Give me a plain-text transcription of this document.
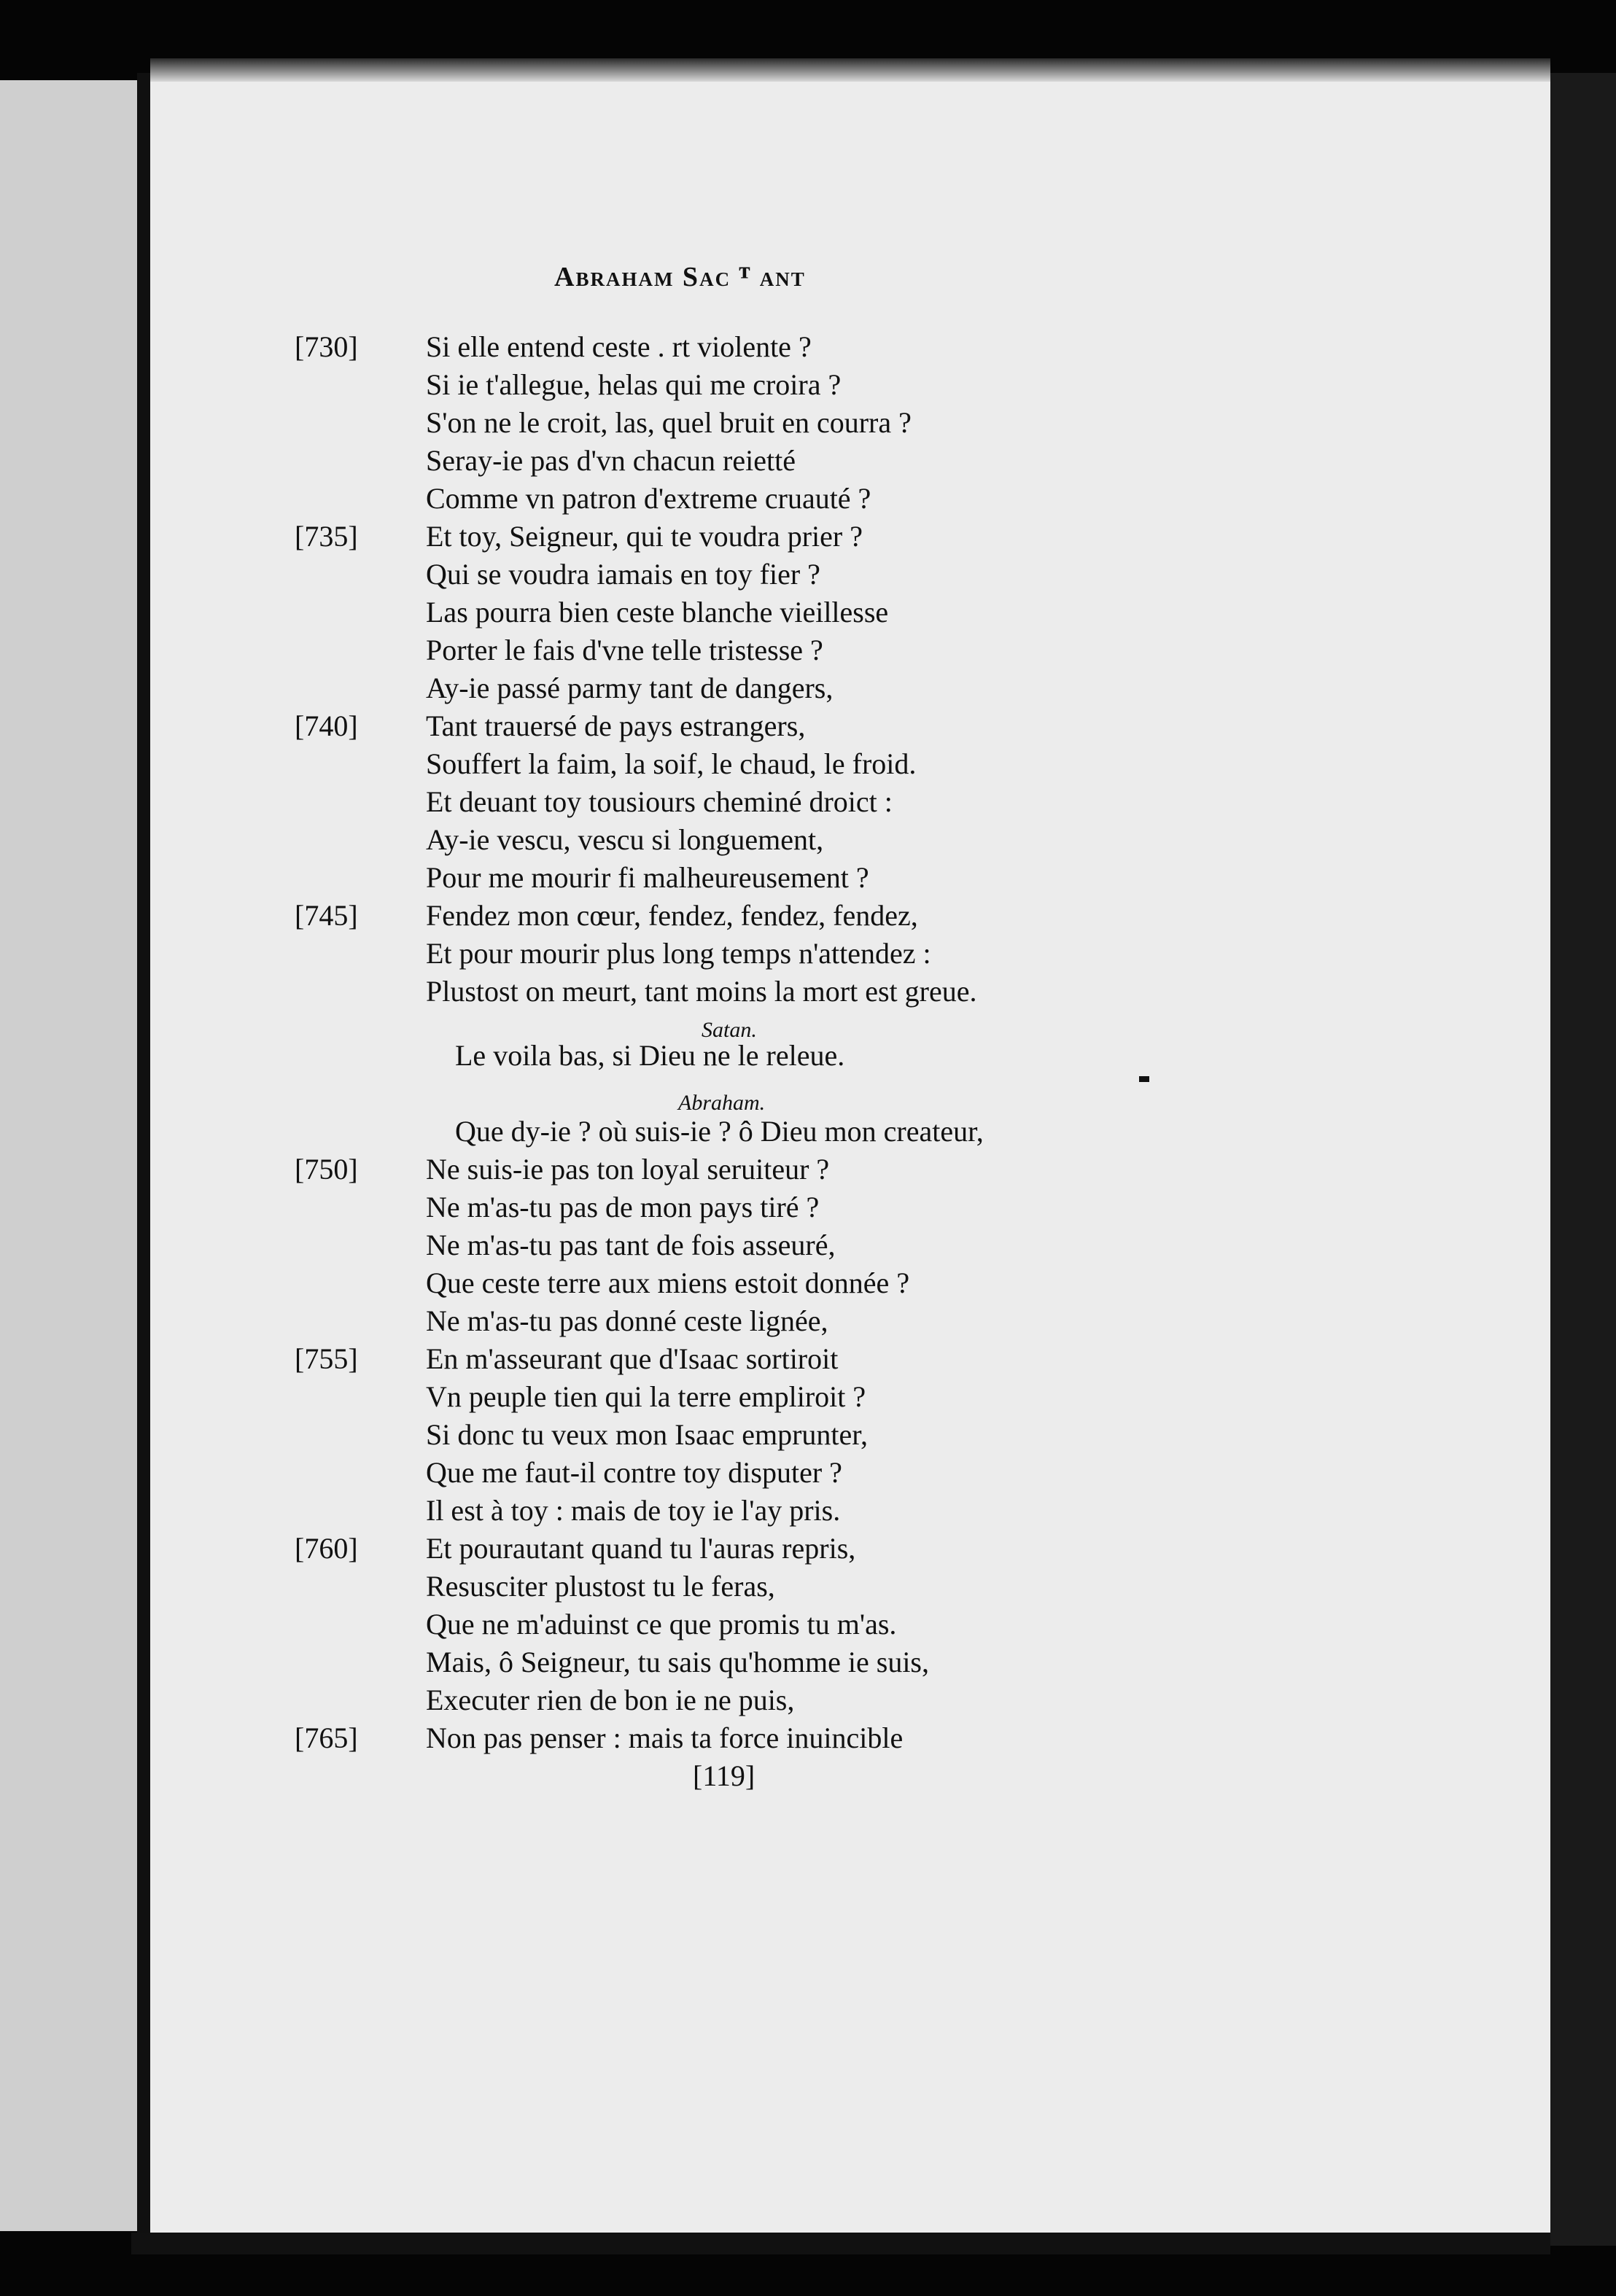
Abraham Sac ᵀ ant
[730] Si elle entend ceste . rt violente ?
Si ie t'allegue, helas qui me croira ?
S'on ne le croit, las, quel bruit en courra ?
Seray-ie pas d'vn chacun reietté
Comme vn patron d'extreme cruauté ?
[735] Et toy, Seigneur, qui te voudra prier ?
Qui se voudra iamais en toy fier ?
Las pourra bien ceste blanche vieillesse
Porter le fais d'vne telle tristesse ?
Ay-ie passé parmy tant de dangers,
[740] Tant trauersé de pays estrangers,
Souffert la faim, la soif, le chaud, le froid.
Et deuant toy tousiours cheminé droict :
Ay-ie vescu, vescu si longuement,
Pour me mourir fi malheureusement ?
[745] Fendez mon cœur, fendez, fendez, fendez,
Et pour mourir plus long temps n'attendez :
Plustost on meurt, tant moins la mort est greue.
Le voila bas, si Dieu ne le releue.
Que dy-ie ? où suis-ie ? ô Dieu mon createur,
[750] Ne suis-ie pas ton loyal seruiteur ?
Ne m'as-tu pas de mon pays tiré ?
Ne m'as-tu pas tant de fois asseuré,
Que ceste terre aux miens estoit donnée ?
Ne m'as-tu pas donné ceste lignée,
[755] En m'asseurant que d'Isaac sortiroit
Vn peuple tien qui la terre empliroit ?
Si donc tu veux mon Isaac emprunter,
Que me faut-il contre toy disputer ?
Il est à toy : mais de toy ie l'ay pris.
[760] Et pourautant quand tu l'auras repris,
Resusciter plustost tu le feras,
Que ne m'aduinst ce que promis tu m'as.
Mais, ô Seigneur, tu sais qu'homme ie suis,
Executer rien de bon ie ne puis,
[765] Non pas penser : mais ta force inuincible
Satan.
Abraham.
[119]
